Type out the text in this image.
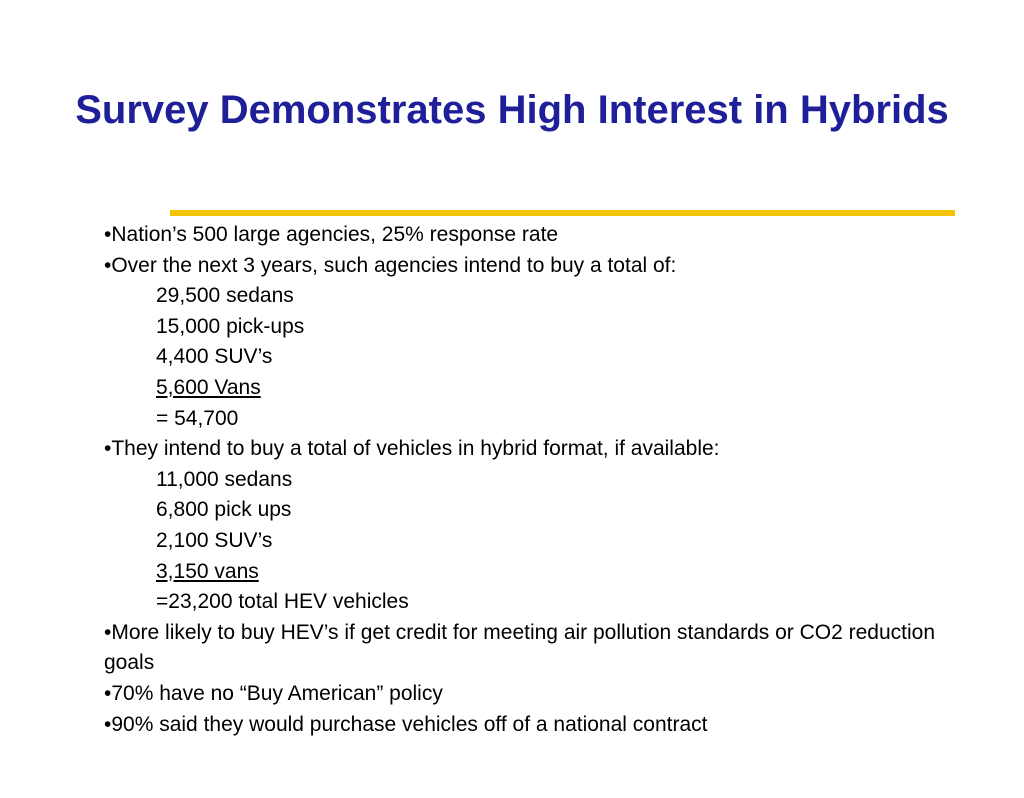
Survey Demonstrates High Interest in Hybrids
•Nation’s 500 large agencies, 25% response rate
•Over the next 3 years, such agencies intend to buy a total of:
29,500 sedans
15,000 pick-ups
4,400 SUV’s
5,600 Vans
= 54,700
•They intend to buy a total of vehicles in hybrid format, if available:
11,000 sedans
6,800 pick ups
2,100 SUV’s
3,150 vans
=23,200 total HEV vehicles
•More likely to buy HEV’s if get credit for meeting air pollution standards or CO2 reduction goals
•70% have no “Buy American” policy
•90% said they would purchase vehicles off of a national contract
